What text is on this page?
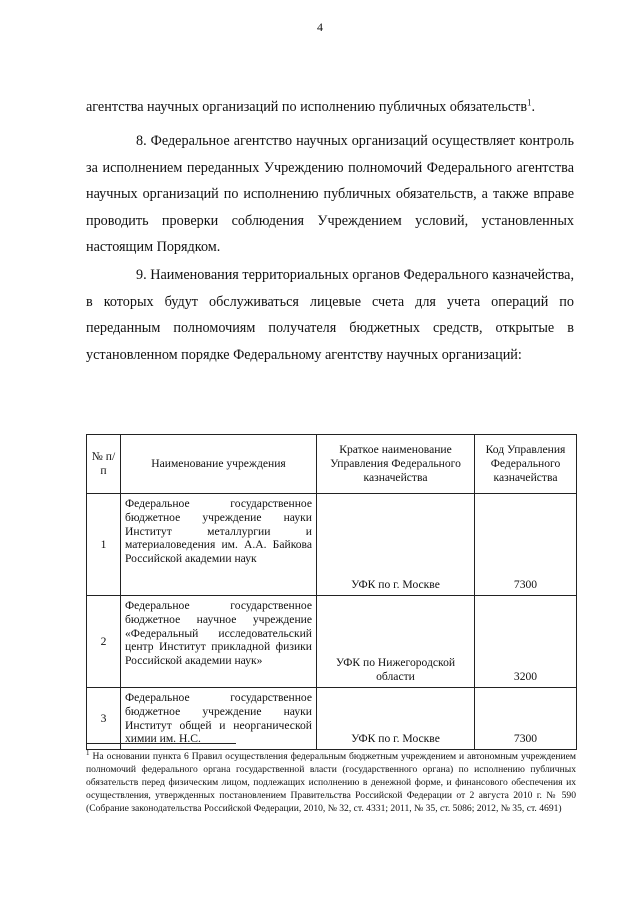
4

агентства научных организаций по исполнению публичных обязательств$^1$.

8. Федеральное агентство научных организаций осуществляет контроль за исполнением переданных Учреждению полномочий Федерального агентства научных организаций по исполнению публичных обязательств, а также вправе проводить проверки соблюдения Учреждением условий, установленных настоящим Порядком.

9. Наименования территориальных органов Федерального казначейства, в которых будут обслуживаться лицевые счета для учета операций по переданным полномочиям получателя бюджетных средств, открытые в установленном порядке Федеральному агентству научных организаций:

№ п/п	Наименование учреждения	Краткое наименование Управления Федерального казначейства	Код Управления Федерального казначейства
1	Федеральное государственное бюджетное учреждение науки Институт металлургии и материаловедения им. А.А. Байкова Российской академии наук	УФК по г. Москве	7300
2	Федеральное государственное бюджетное научное учреждение «Федеральный исследовательский центр Институт прикладной физики Российской академии наук»	УФК по Нижегородской области	3200
3	Федеральное государственное бюджетное учреждение науки Институт общей и неорганической химии им. Н.С.	УФК по г. Москве	7300

$^1$ На основании пункта 6 Правил осуществления федеральным бюджетным учреждением и автономным учреждением полномочий федерального органа государственной власти (государственного органа) по исполнению публичных обязательств перед физическим лицом, подлежащих исполнению в денежной форме, и финансового обеспечения их осуществления, утвержденных постановлением Правительства Российской Федерации от 2 августа 2010 г. № 590 (Собрание законодательства Российской Федерации, 2010, № 32, ст. 4331; 2011, № 35, ст. 5086; 2012, № 35, ст. 4691)
